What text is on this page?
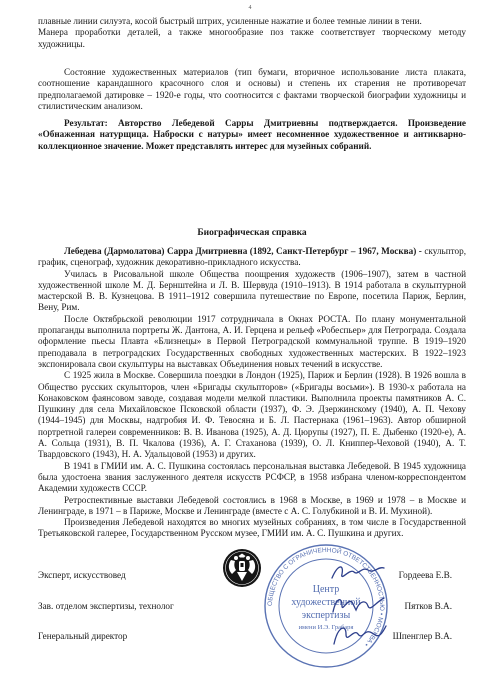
4

плавные линии силуэта, косой быстрый штрих, усиленные нажатие и более темные линии в тени.

Манера проработки деталей, а также многообразие поз также соответствует творческому методу художницы.

Состояние художественных материалов (тип бумаги, вторичное использование листа плаката, соотношение карандашного красочного слоя и основы) и степень их старения не противоречат предполагаемой датировке – 1920-е годы, что соотносится с фактами творческой биографии художницы и стилистическим анализом.

Результат: Авторство Лебедевой Сарры Дмитриевны подтверждается. Произведение «Обнаженная натурщица. Наброски с натуры» имеет несомненное художественное и антикварно-коллекционное значение. Может представлять интерес для музейных собраний.

Биографическая справка

Лебедева (Дармолатова) Сарра Дмитриевна (1892, Санкт-Петербург – 1967, Москва) - скульптор, график, сценограф, художник декоративно-прикладного искусства.

Училась в Рисовальной школе Общества поощрения художеств (1906–1907), затем в частной художественной школе М. Д. Бернштейна и Л. В. Шервуда (1910–1913). В 1914 работала в скульптурной мастерской В. В. Кузнецова. В 1911–1912 совершила путешествие по Европе, посетила Париж, Берлин, Вену, Рим.

После Октябрьской революции 1917 сотрудничала в Окнах РОСТА. По плану монументальной пропаганды выполнила портреты Ж. Дантона, А. И. Герцена и рельеф «Робеспьер» для Петрограда. Создала оформление пьесы Плавта «Близнецы» в Первой Петроградской коммунальной труппе. В 1919–1920 преподавала в петроградских Государственных свободных художественных мастерских. В 1922–1923 экспонировала свои скульптуры на выставках Объединения новых течений в искусстве.

С 1925 жила в Москве. Совершила поездки в Лондон (1925), Париж и Берлин (1928). В 1926 вошла в Общество русских скульпторов, член «Бригады скульпторов» («Бригады восьми»). В 1930-х работала на Конаковском фаянсовом заводе, создавая модели мелкой пластики. Выполнила проекты памятников А. С. Пушкину для села Михайловское Псковской области (1937), Ф. Э. Дзержинскому (1940), А. П. Чехову (1944–1945) для Москвы, надгробия И. Ф. Тевосяна и Б. Л. Пастернака (1961–1963). Автор обширной портретной галереи современников: В. В. Иванова (1925), А. Д. Цюрупы (1927), П. Е. Дыбенко (1920-е), А. А. Сольца (1931), В. П. Чкалова (1936), А. Г. Стаханова (1939), О. Л. Книппер-Чеховой (1940), А. Т. Твардовского (1943), Н. А. Удальцовой (1953) и других.

В 1941 в ГМИИ им. А. С. Пушкина состоялась персональная выставка Лебедевой. В 1945 художница была удостоена звания заслуженного деятеля искусств РСФСР, в 1958 избрана членом-корреспондентом Академии художеств СССР.

Ретроспективные выставки Лебедевой состоялись в 1968 в Москве, в 1969 и 1978 – в Москве и Ленинграде, в 1971 – в Париже, Москве и Ленинграде (вместе с А. С. Голубкиной и В. И. Мухиной).

Произведения Лебедевой находятся во многих музейных собраниях, в том числе в Государственной Третьяковской галерее, Государственном Русском музее, ГМИИ им. А. С. Пушкина и других.

Эксперт, искусствовед	Гордеева Е.В.
Зав. отделом экспертизы, технолог	Пятков В.А.
Генеральный директор	Шпенглер В.А.
ОБЩЕСТВО С ОГРАНИЧЕННОЙ ОТВЕТСТВЕННОСТЬЮ • МОСКВА •
Центр
художественной
экспертизы
имени И.Э. Грабаря
